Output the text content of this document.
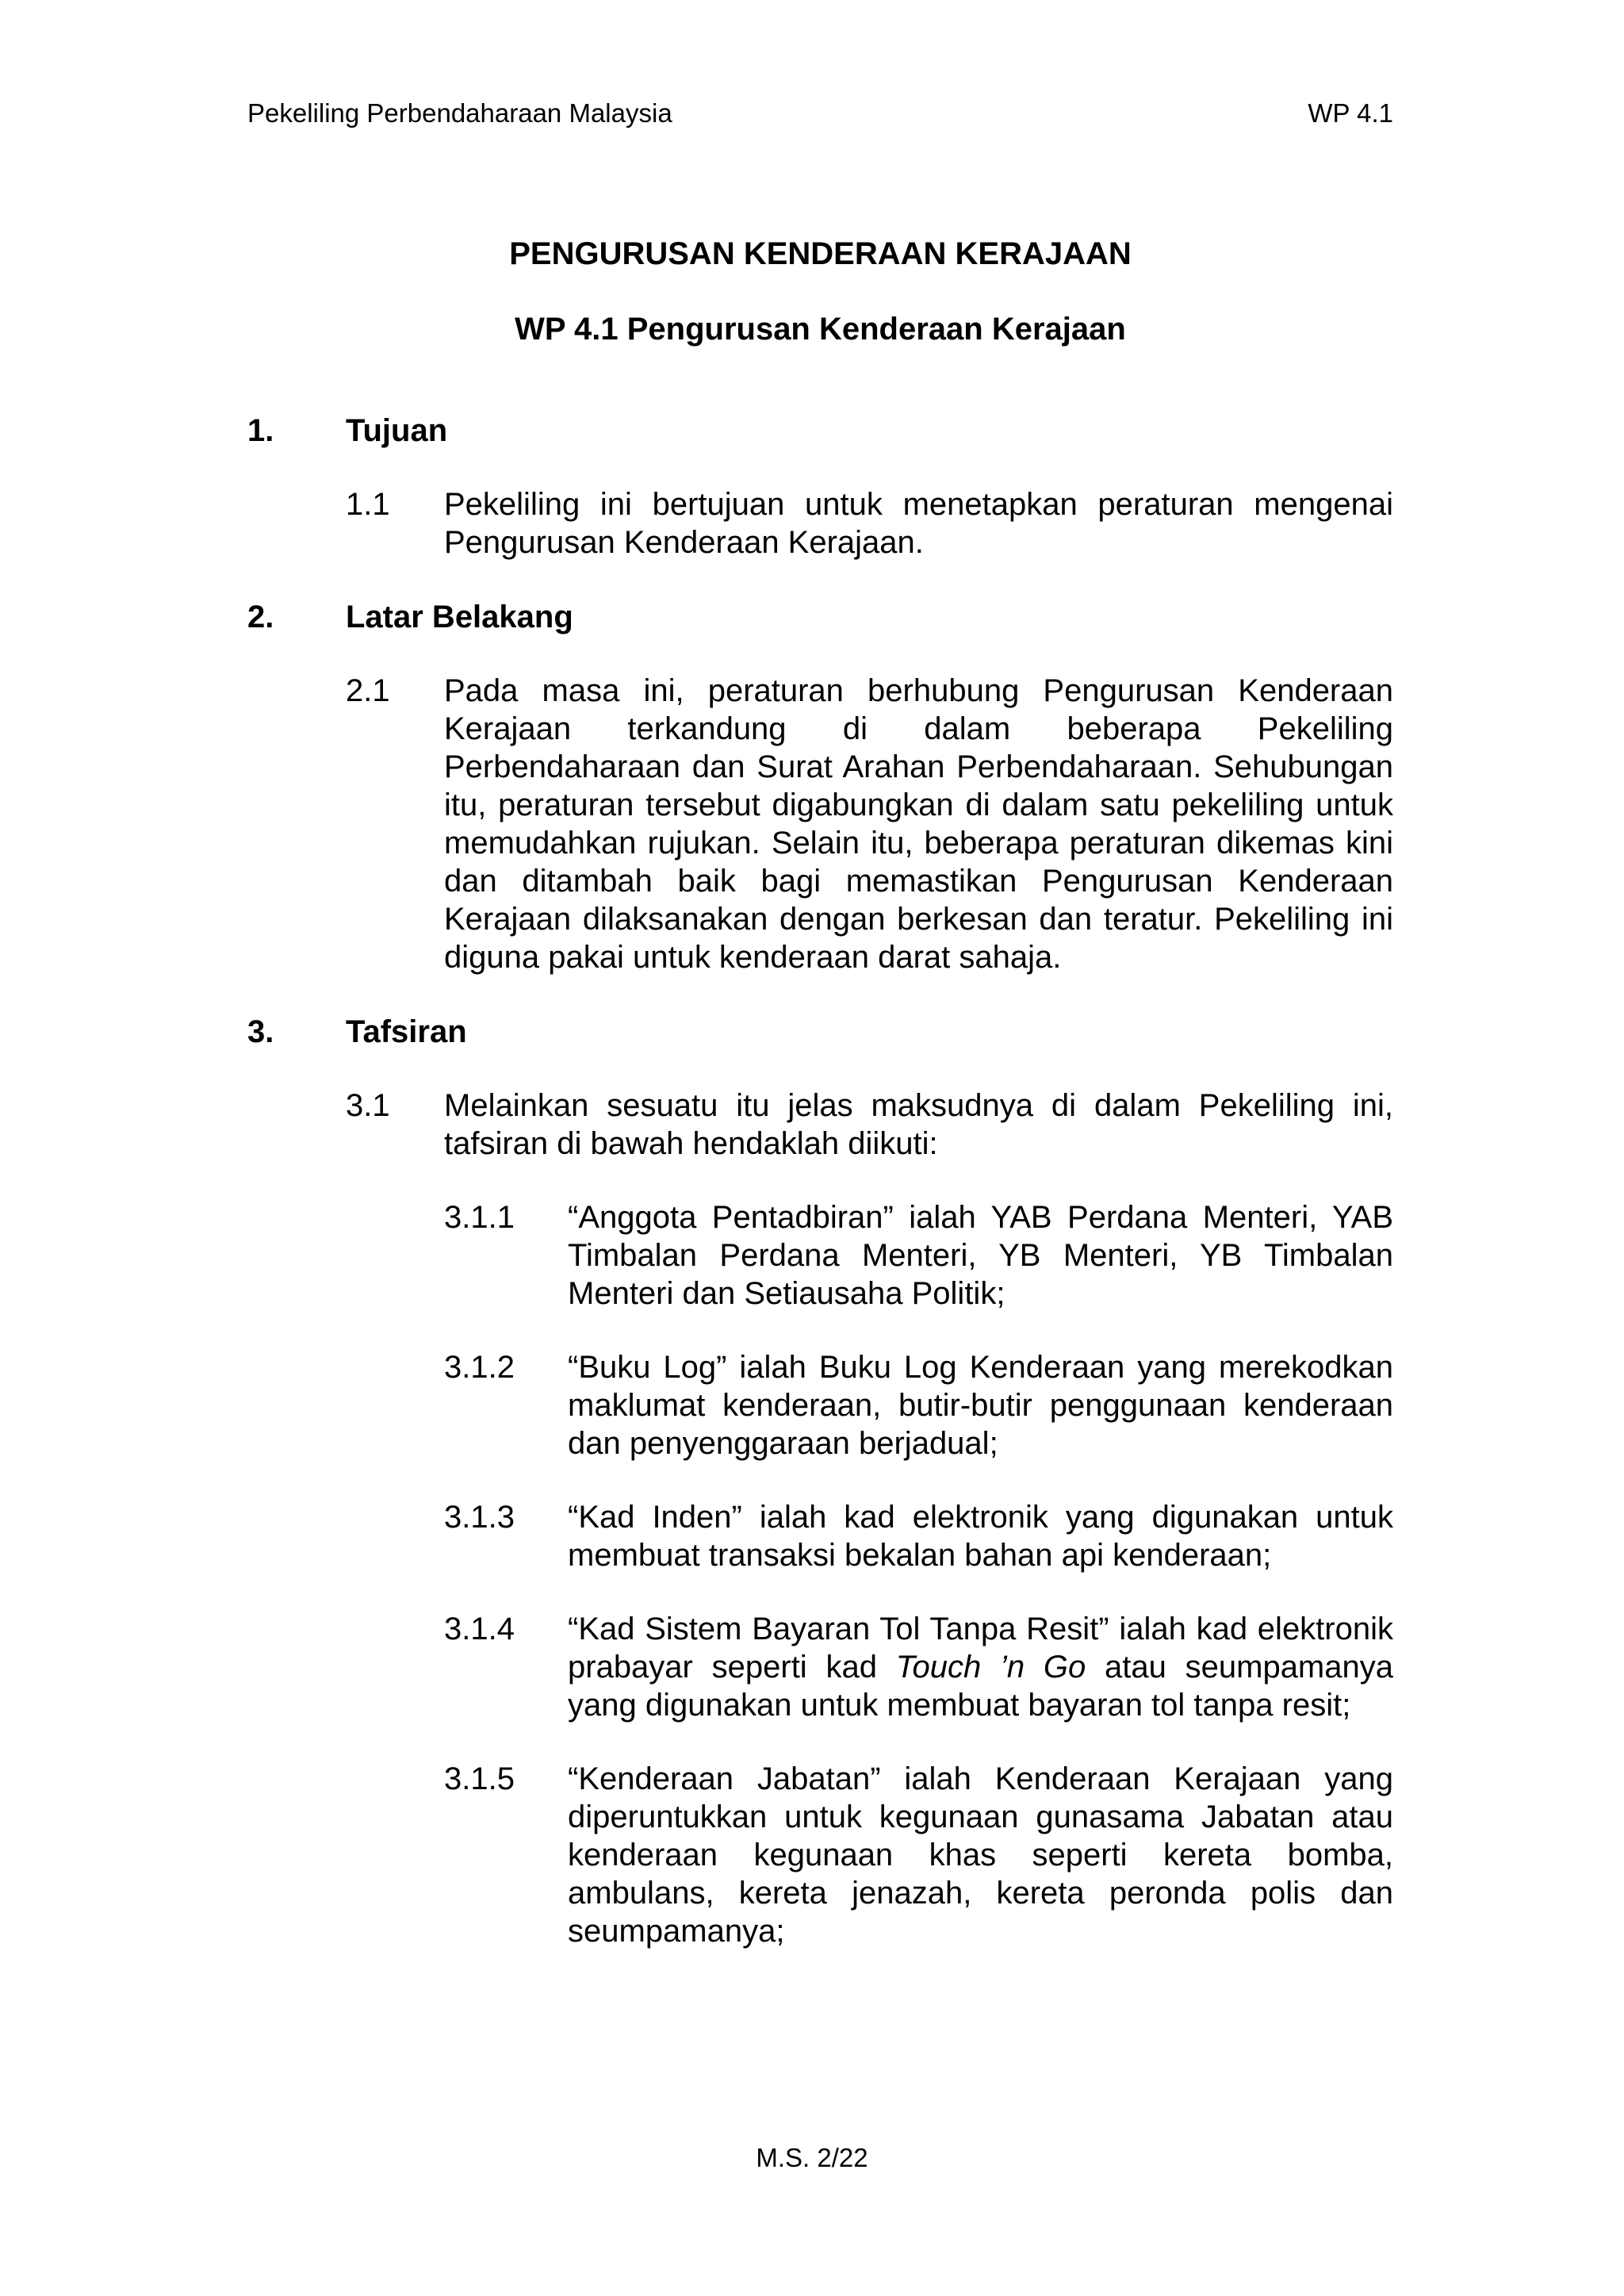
Pekeliling Perbendaharaan Malaysia	WP 4.1
PENGURUSAN KENDERAAN KERAJAAN
WP 4.1 Pengurusan Kenderaan Kerajaan
1. Tujuan
1.1 Pekeliling ini bertujuan untuk menetapkan peraturan mengenai Pengurusan Kenderaan Kerajaan.
2. Latar Belakang
2.1 Pada masa ini, peraturan berhubung Pengurusan Kenderaan Kerajaan terkandung di dalam beberapa Pekeliling Perbendaharaan dan Surat Arahan Perbendaharaan. Sehubungan itu, peraturan tersebut digabungkan di dalam satu pekeliling untuk memudahkan rujukan. Selain itu, beberapa peraturan dikemas kini dan ditambah baik bagi memastikan Pengurusan Kenderaan Kerajaan dilaksanakan dengan berkesan dan teratur. Pekeliling ini diguna pakai untuk kenderaan darat sahaja.
3. Tafsiran
3.1 Melainkan sesuatu itu jelas maksudnya di dalam Pekeliling ini, tafsiran di bawah hendaklah diikuti:
3.1.1 “Anggota Pentadbiran” ialah YAB Perdana Menteri, YAB Timbalan Perdana Menteri, YB Menteri, YB Timbalan Menteri dan Setiausaha Politik;
3.1.2 “Buku Log” ialah Buku Log Kenderaan yang merekodkan maklumat kenderaan, butir-butir penggunaan kenderaan dan penyenggaraan berjadual;
3.1.3 “Kad Inden” ialah kad elektronik yang digunakan untuk membuat transaksi bekalan bahan api kenderaan;
3.1.4 “Kad Sistem Bayaran Tol Tanpa Resit” ialah kad elektronik prabayar seperti kad Touch ’n Go atau seumpamanya yang digunakan untuk membuat bayaran tol tanpa resit;
3.1.5 “Kenderaan Jabatan” ialah Kenderaan Kerajaan yang diperuntukkan untuk kegunaan gunasama Jabatan atau kenderaan kegunaan khas seperti kereta bomba, ambulans, kereta jenazah, kereta peronda polis dan seumpamanya;
M.S. 2/22
